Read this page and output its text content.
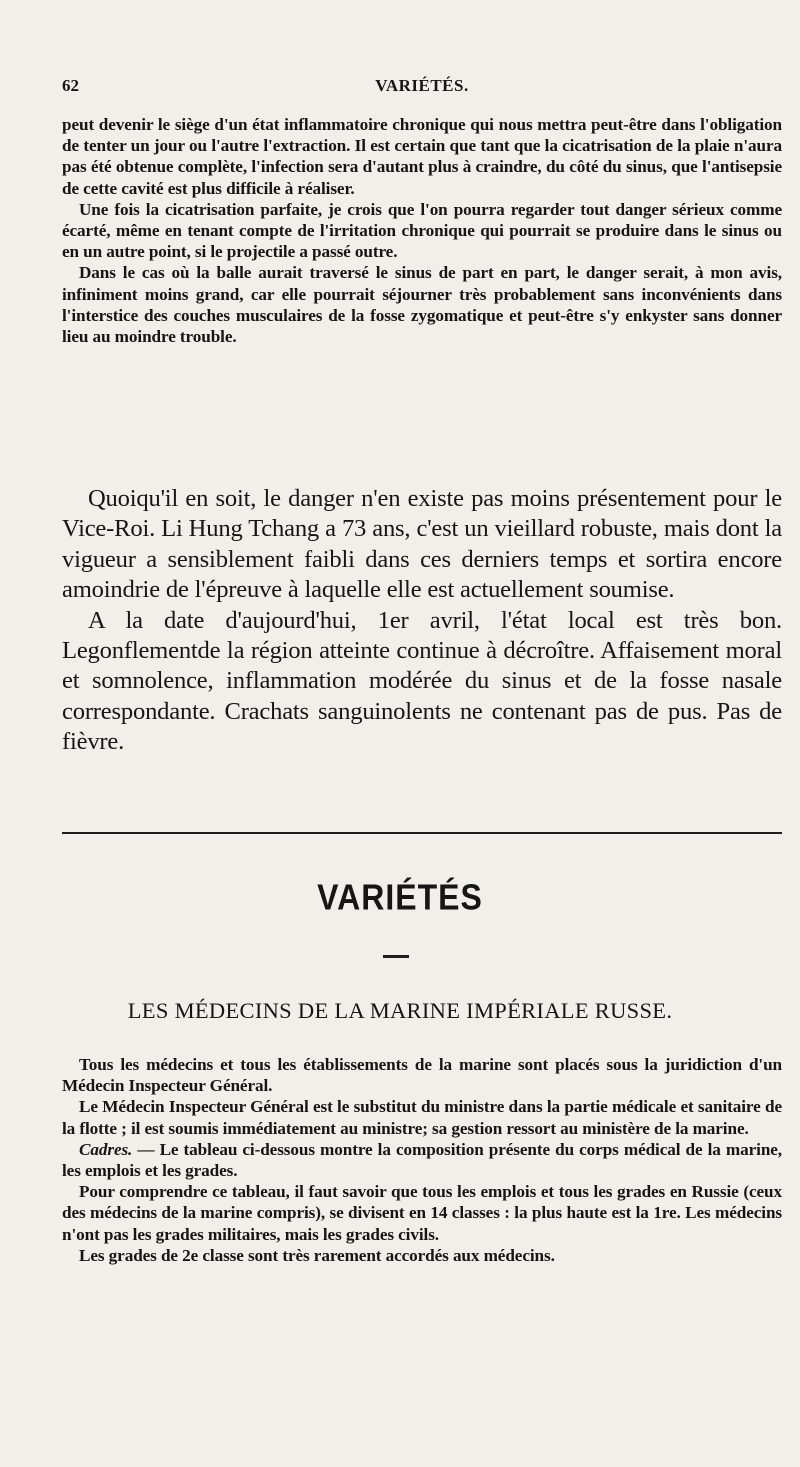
62	VARIÉTÉS.

peut devenir le siège d'un état inflammatoire chronique qui nous mettra peut-être dans l'obligation de tenter un jour ou l'autre l'extraction. Il est certain que tant que la cicatrisation de la plaie n'aura pas été obtenue complète, l'infection sera d'autant plus à craindre, du côté du sinus, que l'antisepsie de cette cavité est plus difficile à réaliser.

Une fois la cicatrisation parfaite, je crois que l'on pourra regarder tout danger sérieux comme écarté, même en tenant compte de l'irritation chronique qui pourrait se produire dans le sinus ou en un autre point, si le projectile a passé outre.

Dans le cas où la balle aurait traversé le sinus de part en part, le danger serait, à mon avis, infiniment moins grand, car elle pourrait séjourner très probablement sans inconvénients dans l'interstice des couches musculaires de la fosse zygomatique et peut-être s'y enkyster sans donner lieu au moindre trouble.

Quoiqu'il en soit, le danger n'en existe pas moins présentement pour le Vice-Roi. Li Hung Tchang a 73 ans, c'est un vieillard robuste, mais dont la vigueur a sensiblement faibli dans ces derniers temps et sortira encore amoindrie de l'épreuve à laquelle elle est actuellement soumise.

A la date d'aujourd'hui, 1er avril, l'état local est très bon. Legonflementde la région atteinte continue à décroître. Affaisement moral et somnolence, inflammation modérée du sinus et de la fosse nasale correspondante. Crachats sanguinolents ne contenant pas de pus. Pas de fièvre.

VARIÉTÉS
LES MÉDECINS DE LA MARINE IMPÉRIALE RUSSE.

Tous les médecins et tous les établissements de la marine sont placés sous la juridiction d'un Médecin Inspecteur Général.

Le Médecin Inspecteur Général est le substitut du ministre dans la partie médicale et sanitaire de la flotte ; il est soumis immédiatement au ministre; sa gestion ressort au ministère de la marine.

Cadres. — Le tableau ci-dessous montre la composition présente du corps médical de la marine, les emplois et les grades.

Pour comprendre ce tableau, il faut savoir que tous les emplois et tous les grades en Russie (ceux des médecins de la marine compris), se divisent en 14 classes : la plus haute est la 1re. Les médecins n'ont pas les grades militaires, mais les grades civils.

Les grades de 2e classe sont très rarement accordés aux médecins.
